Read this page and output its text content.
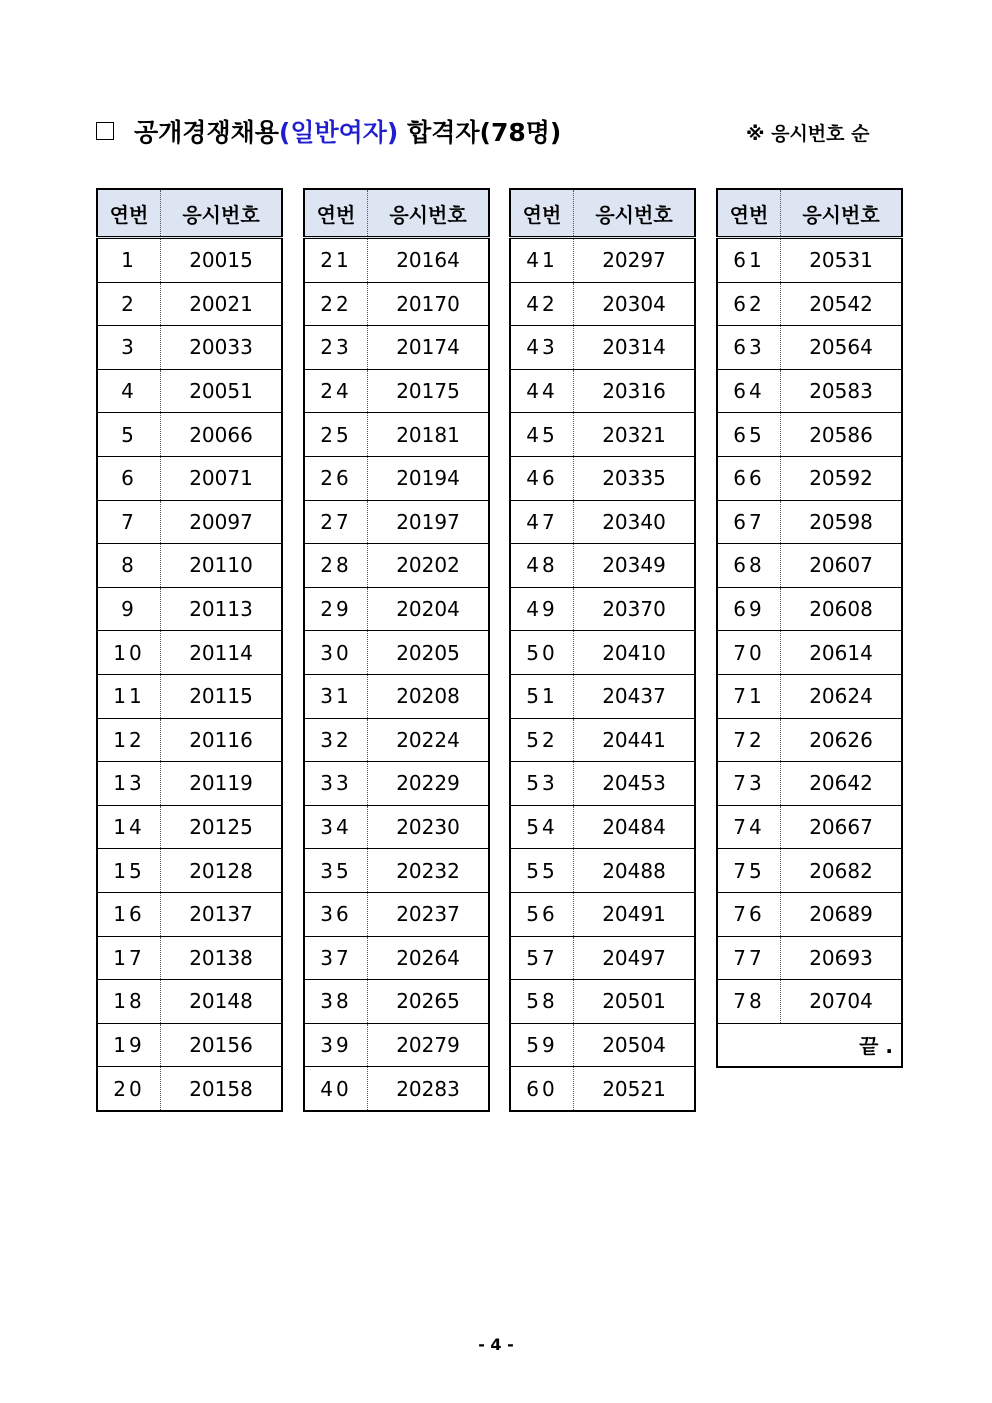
공개경쟁채용(일반여자) 합격자(78명)	※ 응시번호 순
연번	응시번호
1	20015
2	20021
3	20033
4	20051
5	20066
6	20071
7	20097
8	20110
9	20113
10	20114
11	20115
12	20116
13	20119
14	20125
15	20128
16	20137
17	20138
18	20148
19	20156
20	20158
연번	응시번호
21	20164
22	20170
23	20174
24	20175
25	20181
26	20194
27	20197
28	20202
29	20204
30	20205
31	20208
32	20224
33	20229
34	20230
35	20232
36	20237
37	20264
38	20265
39	20279
40	20283
연번	응시번호
41	20297
42	20304
43	20314
44	20316
45	20321
46	20335
47	20340
48	20349
49	20370
50	20410
51	20437
52	20441
53	20453
54	20484
55	20488
56	20491
57	20497
58	20501
59	20504
60	20521
연번	응시번호
61	20531
62	20542
63	20564
64	20583
65	20586
66	20592
67	20598
68	20607
69	20608
70	20614
71	20624
72	20626
73	20642
74	20667
75	20682
76	20689
77	20693
78	20704
끝 .	
- 4 -
